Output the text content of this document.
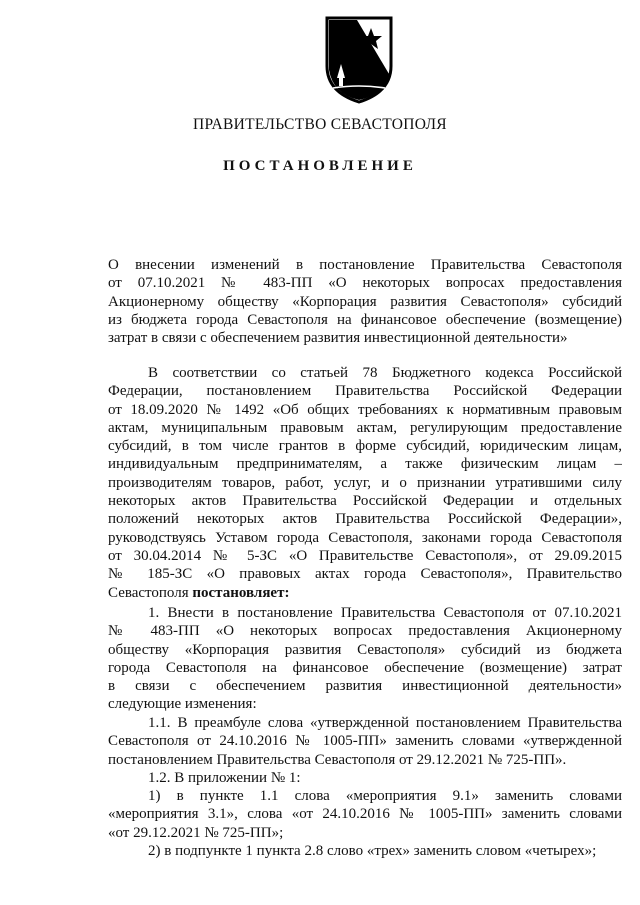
ПРАВИТЕЛЬСТВО СЕВАСТОПОЛЯ
ПОСТАНОВЛЕНИЕ
О внесении изменений в постановление Правительства Севастополя
от 07.10.2021 № 483-ПП «О некоторых вопросах предоставления
Акционерному обществу «Корпорация развития Севастополя» субсидий
из бюджета города Севастополя на финансовое обеспечение (возмещение)
затрат в связи с обеспечением развития инвестиционной деятельности»
В соответствии со статьей 78 Бюджетного кодекса Российской
Федерации, постановлением Правительства Российской Федерации
от 18.09.2020 № 1492 «Об общих требованиях к нормативным правовым
актам, муниципальным правовым актам, регулирующим предоставление
субсидий, в том числе грантов в форме субсидий, юридическим лицам,
индивидуальным предпринимателям, а также физическим лицам –
производителям товаров, работ, услуг, и о признании утратившими силу
некоторых актов Правительства Российской Федерации и отдельных
положений некоторых актов Правительства Российской Федерации»,
руководствуясь Уставом города Севастополя, законами города Севастополя
от 30.04.2014 № 5-ЗС «О Правительстве Севастополя», от 29.09.2015
№ 185-ЗС «О правовых актах города Севастополя», Правительство
Севастополя постановляет:
1. Внести в постановление Правительства Севастополя от 07.10.2021
№ 483-ПП «О некоторых вопросах предоставления Акционерному
обществу «Корпорация развития Севастополя» субсидий из бюджета
города Севастополя на финансовое обеспечение (возмещение) затрат
в связи с обеспечением развития инвестиционной деятельности»
следующие изменения:
1.1. В преамбуле слова «утвержденной постановлением Правительства
Севастополя от 24.10.2016 № 1005-ПП» заменить словами «утвержденной
постановлением Правительства Севастополя от 29.12.2021 № 725-ПП».
1.2. В приложении № 1:
1) в пункте 1.1 слова «мероприятия 9.1» заменить словами
«мероприятия 3.1», слова «от 24.10.2016 № 1005-ПП» заменить словами
«от 29.12.2021 № 725-ПП»;
2) в подпункте 1 пункта 2.8 слово «трех» заменить словом «четырех»;
